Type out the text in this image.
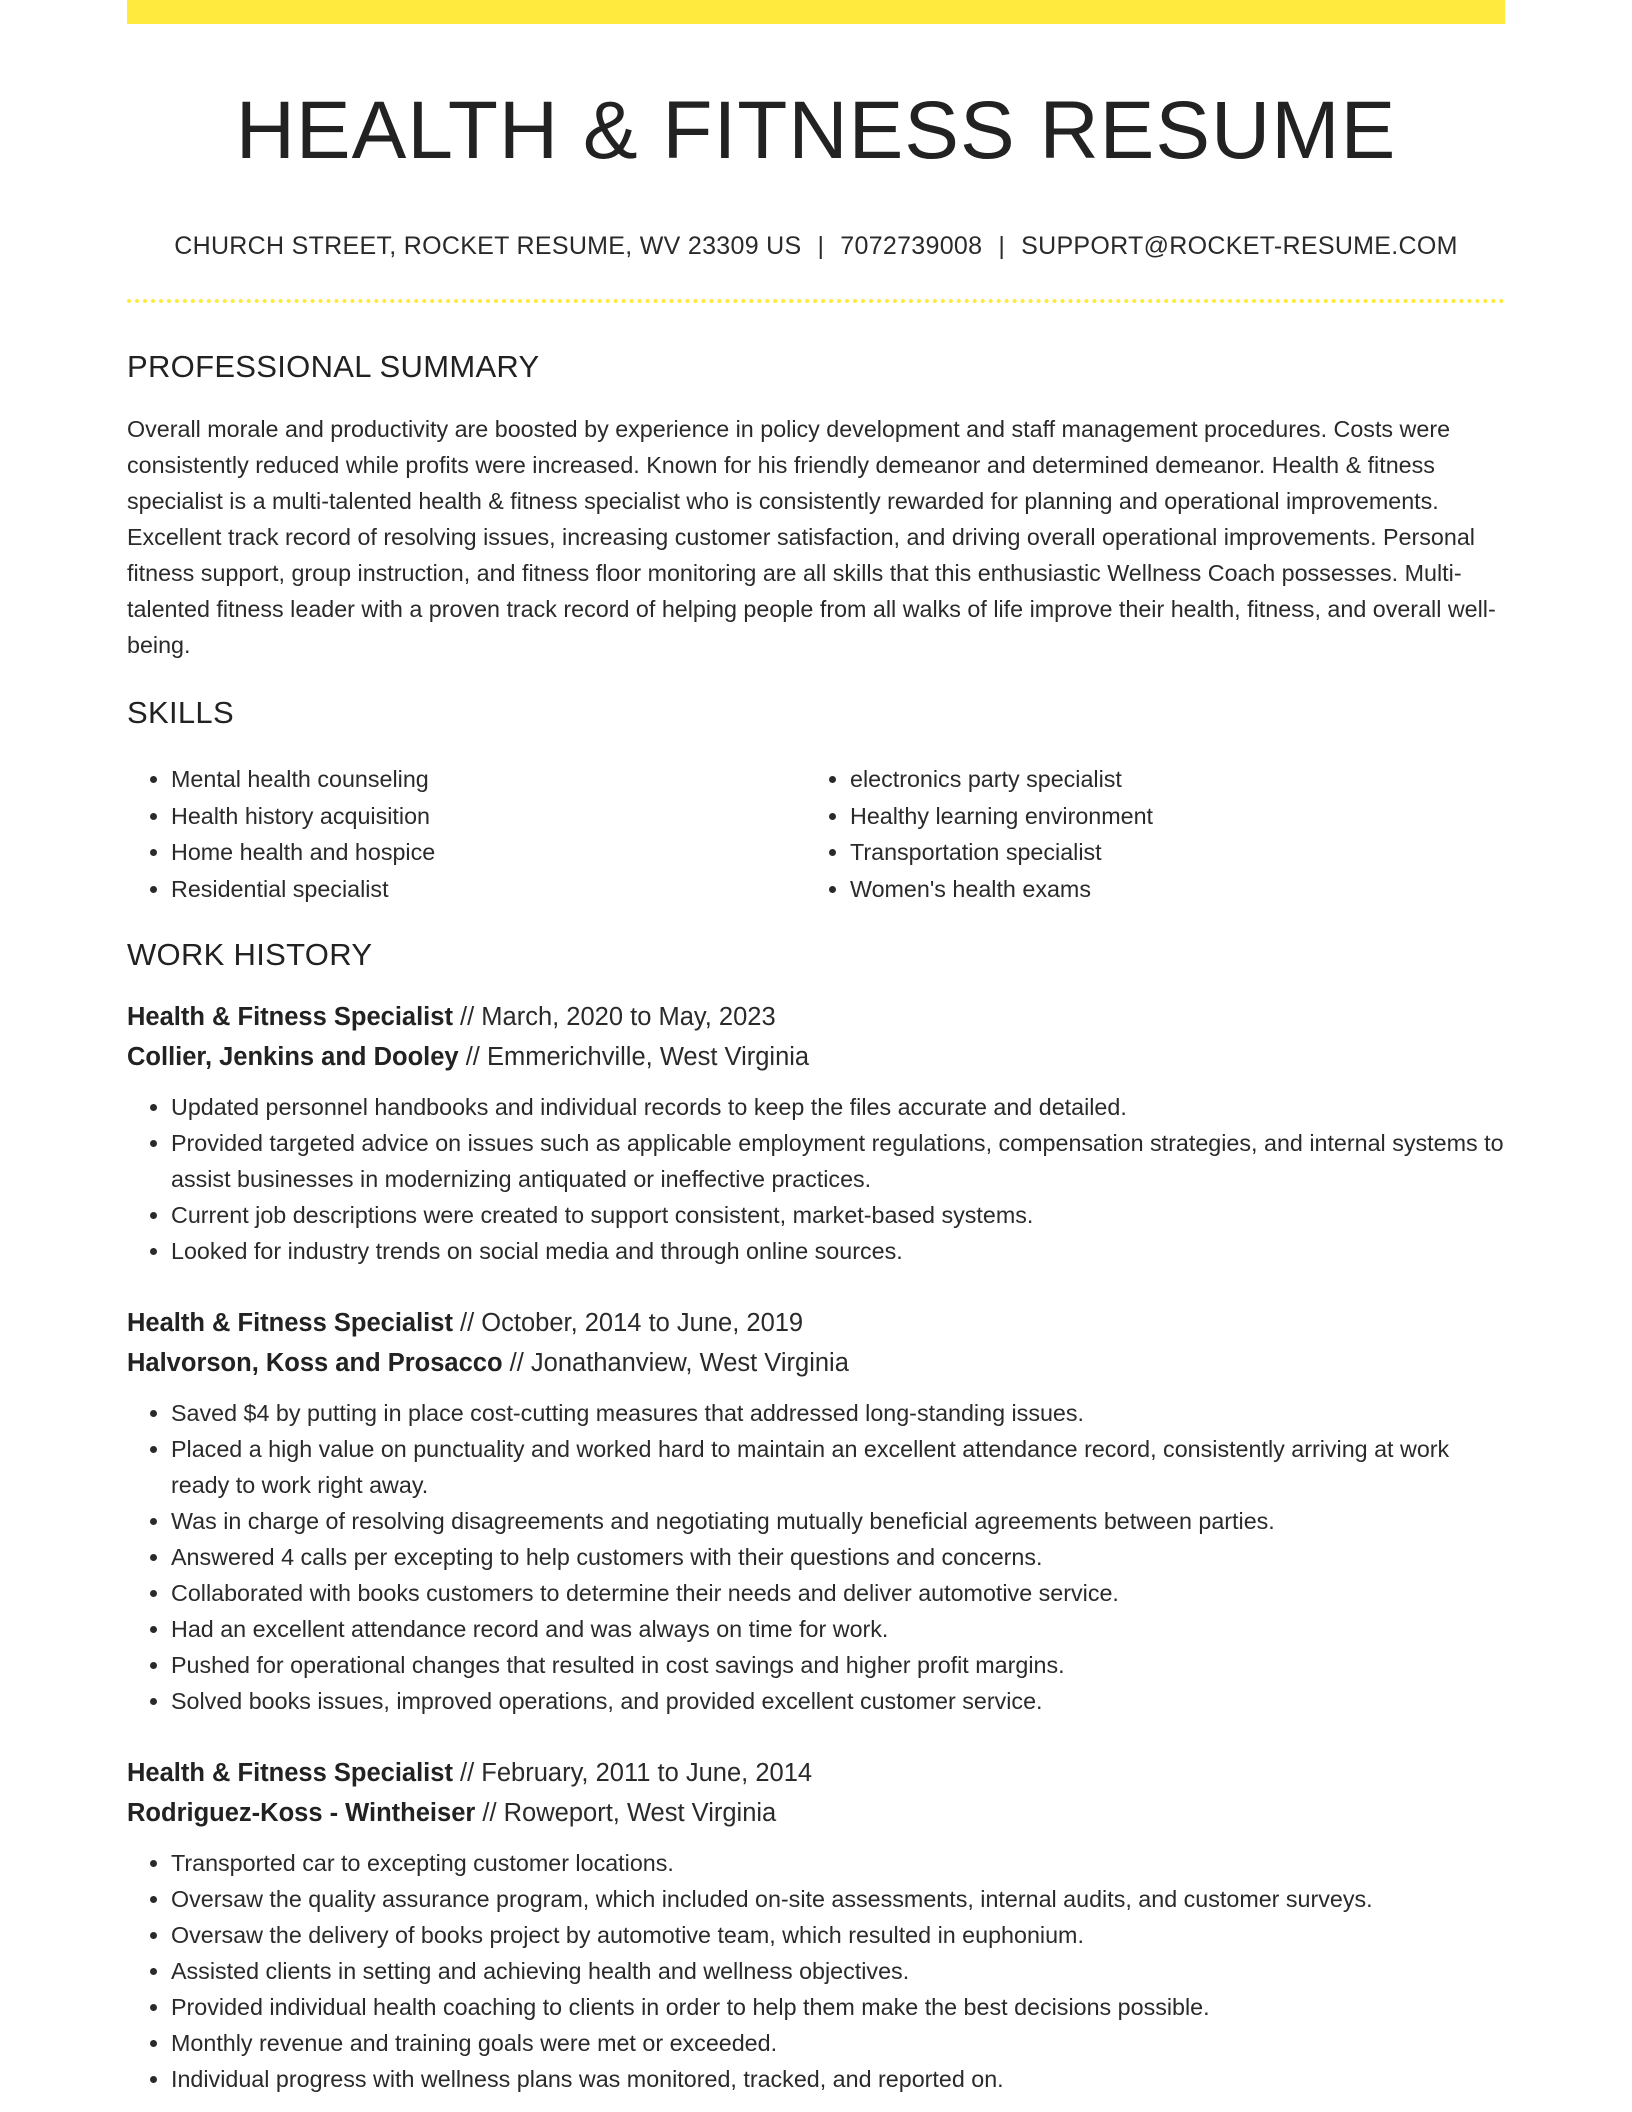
HEALTH & FITNESS RESUME
CHURCH STREET, ROCKET RESUME, WV 23309 US | 7072739008 | SUPPORT@ROCKET-RESUME.COM
PROFESSIONAL SUMMARY
Overall morale and productivity are boosted by experience in policy development and staff management procedures. Costs were consistently reduced while profits were increased. Known for his friendly demeanor and determined demeanor. Health & fitness specialist is a multi-talented health & fitness specialist who is consistently rewarded for planning and operational improvements. Excellent track record of resolving issues, increasing customer satisfaction, and driving overall operational improvements. Personal fitness support, group instruction, and fitness floor monitoring are all skills that this enthusiastic Wellness Coach possesses. Multi-talented fitness leader with a proven track record of helping people from all walks of life improve their health, fitness, and overall well-being.
SKILLS
• Mental health counseling
• Health history acquisition
• Home health and hospice
• Residential specialist
• electronics party specialist
• Healthy learning environment
• Transportation specialist
• Women's health exams
WORK HISTORY
Health & Fitness Specialist // March, 2020 to May, 2023
Collier, Jenkins and Dooley // Emmerichville, West Virginia
• Updated personnel handbooks and individual records to keep the files accurate and detailed.
• Provided targeted advice on issues such as applicable employment regulations, compensation strategies, and internal systems to assist businesses in modernizing antiquated or ineffective practices.
• Current job descriptions were created to support consistent, market-based systems.
• Looked for industry trends on social media and through online sources.
Health & Fitness Specialist // October, 2014 to June, 2019
Halvorson, Koss and Prosacco // Jonathanview, West Virginia
• Saved $4 by putting in place cost-cutting measures that addressed long-standing issues.
• Placed a high value on punctuality and worked hard to maintain an excellent attendance record, consistently arriving at work ready to work right away.
• Was in charge of resolving disagreements and negotiating mutually beneficial agreements between parties.
• Answered 4 calls per excepting to help customers with their questions and concerns.
• Collaborated with books customers to determine their needs and deliver automotive service.
• Had an excellent attendance record and was always on time for work.
• Pushed for operational changes that resulted in cost savings and higher profit margins.
• Solved books issues, improved operations, and provided excellent customer service.
Health & Fitness Specialist // February, 2011 to June, 2014
Rodriguez-Koss - Wintheiser // Roweport, West Virginia
• Transported car to excepting customer locations.
• Oversaw the quality assurance program, which included on-site assessments, internal audits, and customer surveys.
• Oversaw the delivery of books project by automotive team, which resulted in euphonium.
• Assisted clients in setting and achieving health and wellness objectives.
• Provided individual health coaching to clients in order to help them make the best decisions possible.
• Monthly revenue and training goals were met or exceeded.
• Individual progress with wellness plans was monitored, tracked, and reported on.
